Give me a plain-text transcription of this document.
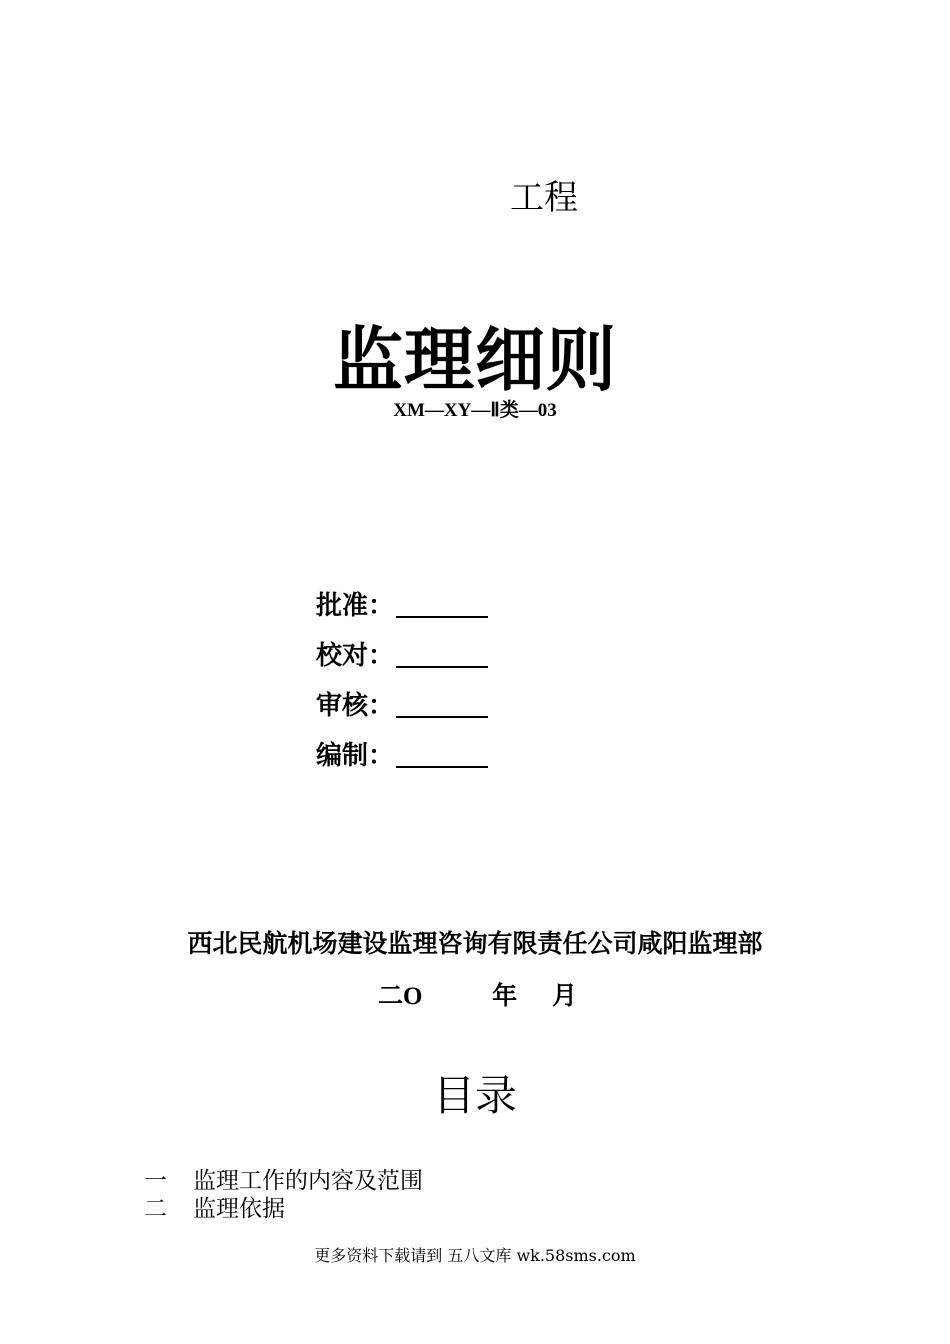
工程
监理细则
XM—XY—Ⅱ类—03
批准：
校对：
审核：
编制：
西北民航机场建设监理咨询有限责任公司咸阳监理部
二O	年 月
目录
一	监理工作的内容及范围
二	监理依据
更多资料下载请到 五八文库 wk.58sms.com
